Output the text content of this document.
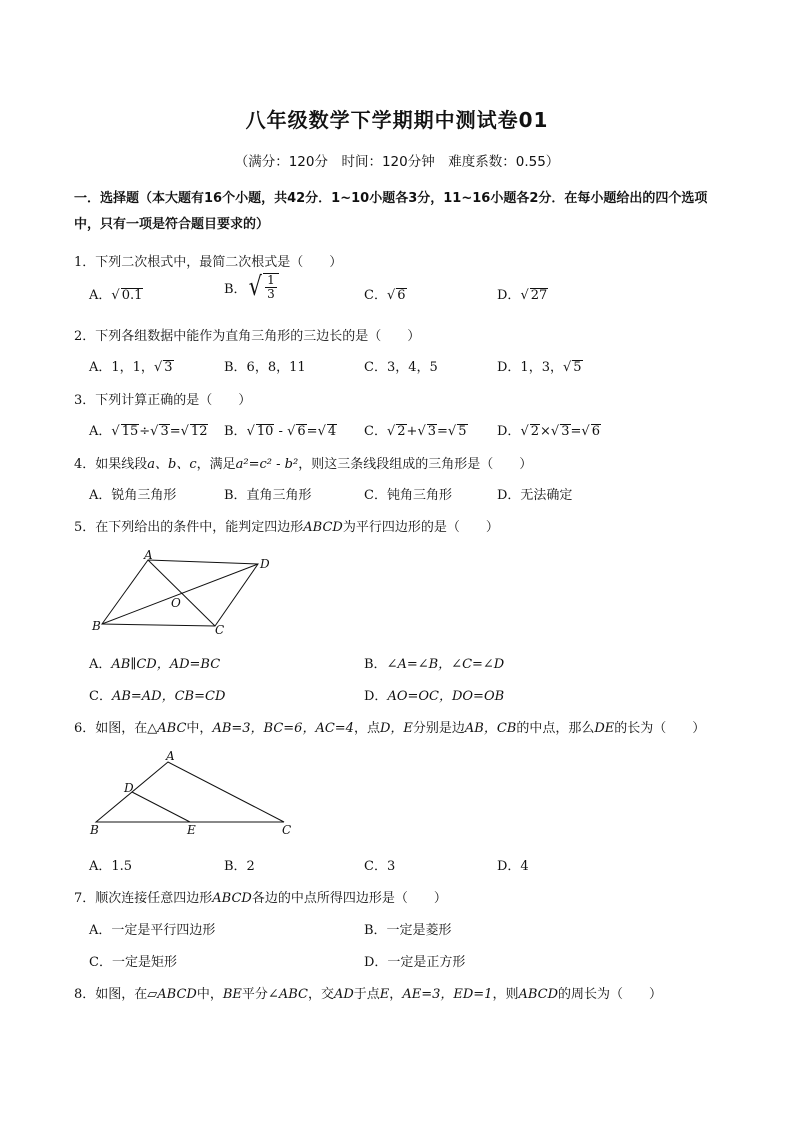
八年级数学下学期期中测试卷01
（满分：120分　时间：120分钟　难度系数：0.55）
一．选择题（本大题有16个小题，共42分．1~10小题各3分，11~16小题各2分．在每小题给出的四个选项中，只有一项是符合题目要求的）
1．下列二次根式中，最简二次根式是（　　）
A．√ 0.1	B． √ $\frac{1}{3}$	C．√ 6	D．√ 27
2．下列各组数据中能作为直角三角形的三边长的是（　　）
A．1，1，√ 3	B．6，8，11	C．3，4，5	D．1，3，√ 5
3．下列计算正确的是（　　）
A．√ 15÷√ 3=√ 12 B．√ 10 - √ 6=√ 4 C．√ 2+√ 3=√ 5 D．√ 2×√ 3=√ 6
4．如果线段a、b、c，满足a²=c² - b²，则这三条线段组成的三角形是（　　）
A．锐角三角形	B．直角三角形	C．钝角三角形	D．无法确定
5．在下列给出的条件中，能判定四边形ABCD为平行四边形的是（　　）
A
D
B	C
O
A．AB∥CD，AD=BC	B．∠A=∠B，∠C=∠D
C．AB=AD，CB=CD	D．AO=OC，DO=OB
6．如图，在△ABC中，AB=3，BC=6，AC=4，点D，E分别是边AB，CB的中点，那么DE的长为（　　）
A
D
B	E	C
A．1.5	B．2	C．3	D．4
7．顺次连接任意四边形ABCD各边的中点所得四边形是（　　）
A．一定是平行四边形	B．一定是菱形
C．一定是矩形	D．一定是正方形
8．如图，在▱ABCD中，BE平分∠ABC，交AD于点E，AE=3，ED=1，则ABCD的周长为（　　）
